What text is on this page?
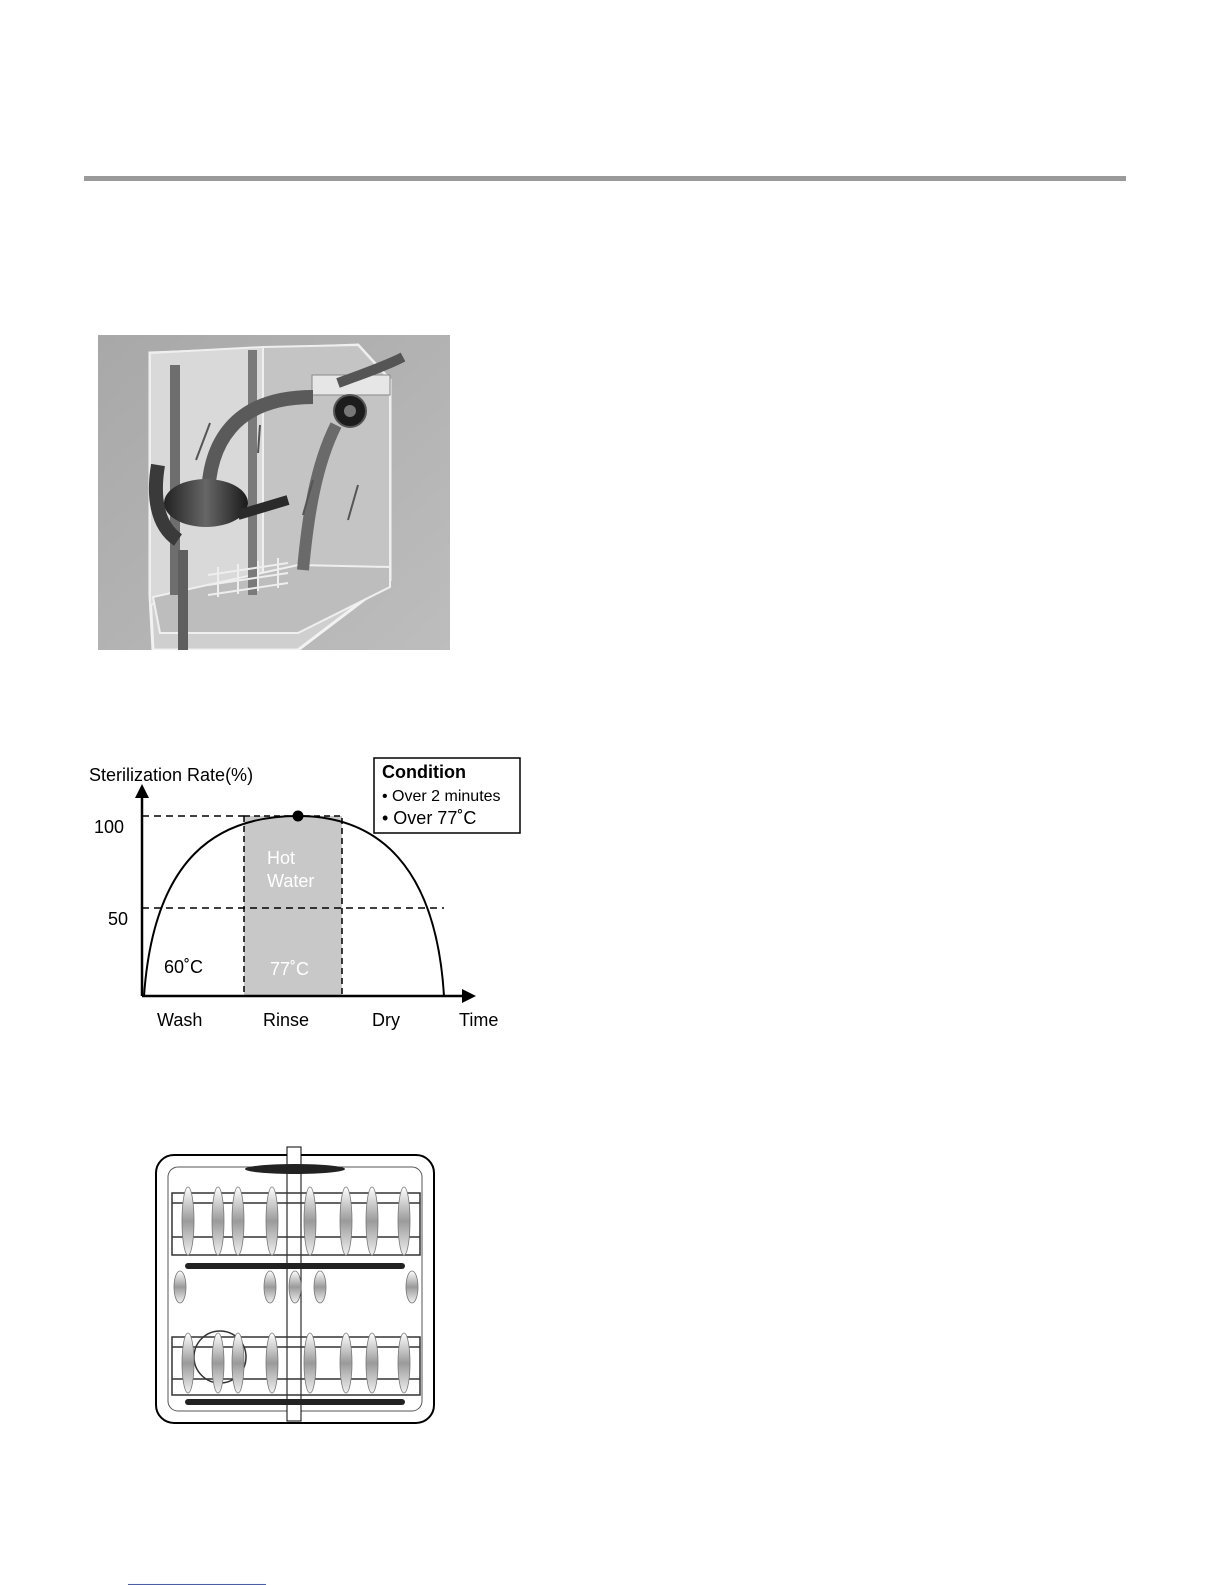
Sterilization Rate(%)
100
50
60˚C
Hot
Water
77˚C
Wash	Rinse	Dry	Time
Condition
• Over 2 minutes
• Over 77˚C
